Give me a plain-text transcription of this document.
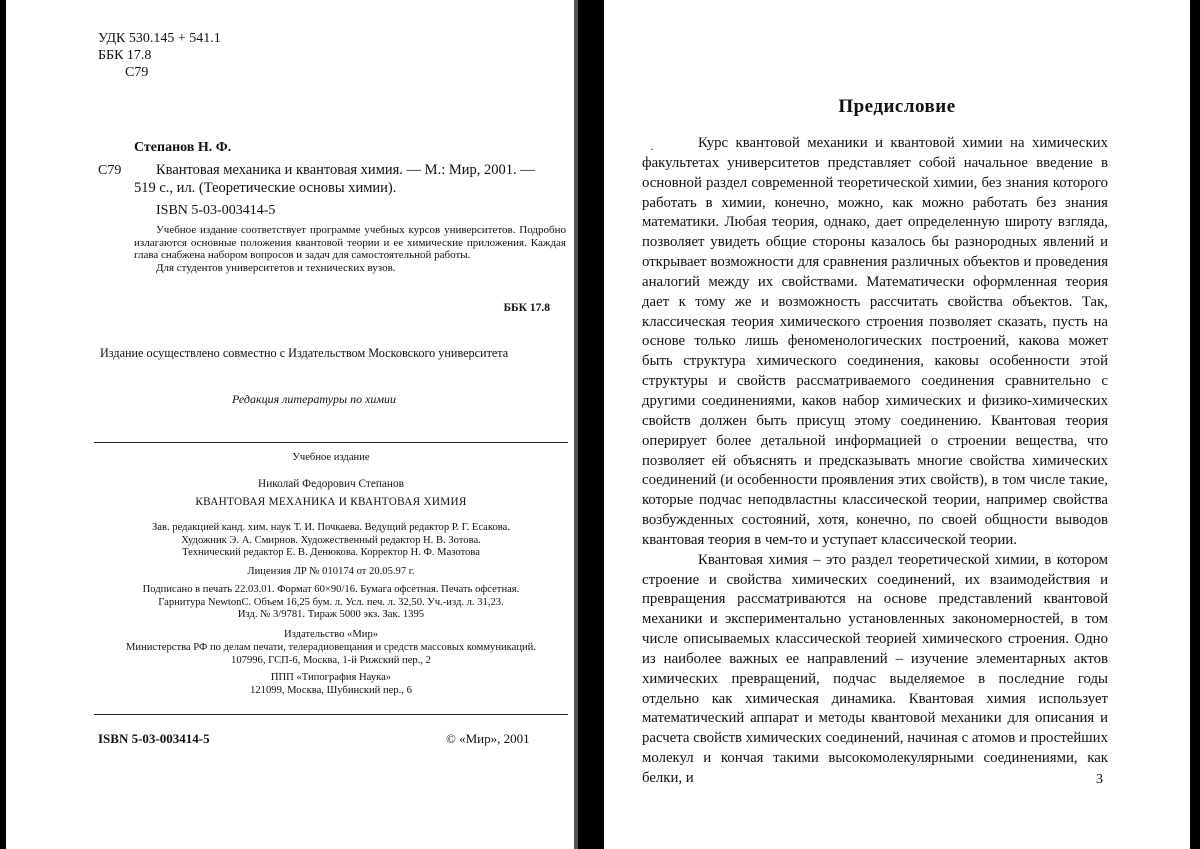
УДК 530.145 + 541.1
ББК 17.8
С79
Степанов Н. Ф.
С79 Квантовая механика и квантовая химия. — М.: Мир, 2001. —
519 с., ил. (Теоретические основы химии).
ISBN 5-03-003414-5

Учебное издание соответствует программе учебных курсов университетов. Подробно излагаются основные положения квантовой теории и ее химические приложения. Каждая глава снабжена набором вопросов и задач для самостоятельной работы.

Для студентов университетов и технических вузов.

ББК 17.8
Издание осуществлено совместно с Издательством Московского университета
Редакция литературы по химии
Учебное издание
Николай Федорович Степанов
КВАНТОВАЯ МЕХАНИКА И КВАНТОВАЯ ХИМИЯ
Зав. редакцией канд. хим. наук Т. И. Почкаева. Ведущий редактор Р. Г. Есакова.
Художник Э. А. Смирнов. Художественный редактор Н. В. Зотова.
Технический редактор Е. В. Денюкова. Корректор Н. Ф. Мазотова
Лицензия ЛР № 010174 от 20.05.97 г.
Подписано в печать 22.03.01. Формат 60×90/16. Бумага офсетная. Печать офсетная.
Гарнитура NewtonC. Объем 16,25 бум. л. Усл. печ. л. 32,50. Уч.-изд. л. 31,23.
Изд. № 3/9781. Тираж 5000 экз. Зак. 1395
Издательство «Мир»
Министерства РФ по делам печати, телерадиовещания и средств массовых коммуникаций.
107996, ГСП-6, Москва, 1-й Рижский пер., 2
ППП «Типография Наука»
121099, Москва, Шубинский пер., 6
ISBN 5-03-003414-5	© «Мир», 2001
Предисловие
·	Курс квантовой механики и квантовой химии на химических факультетах университетов представляет собой начальное введение в основной раздел современной теоретической химии, без знания которого работать в химии, конечно, можно, как можно работать без знания математики. Любая теория, однако, дает определенную широту взгляда, позволяет увидеть общие стороны казалось бы разнородных явлений и открывает возможности для сравнения различных объектов и проведения аналогий между их свойствами. Математически оформленная теория дает к тому же и возможность рассчитать свойства объектов. Так, классическая теория химического строения позволяет сказать, пусть на основе только лишь феноменологических построений, какова может быть структура химического соединения, каковы особенности этой структуры и свойств рассматриваемого соединения сравнительно с другими соединениями, каков набор химических и физико-химических свойств должен быть присущ этому соединению. Квантовая теория оперирует более детальной информацией о строении вещества, что позволяет ей объяснять и предсказывать многие свойства химических соединений (и особенности проявления этих свойств), в том числе такие, которые подчас неподвластны классической теории, например свойства возбужденных состояний, хотя, конечно, по своей общности выводов квантовая теория в чем-то и уступает классической теории.

Квантовая химия – это раздел теоретической химии, в котором строение и свойства химических соединений, их взаимодействия и превращения рассматриваются на основе представлений квантовой механики и экспериментально установленных закономерностей, в том числе описываемых классической теорией химического строения. Одно из наиболее важных ее направлений – изучение элементарных актов химических превращений, подчас выделяемое в последние годы отдельно как химическая динамика. Квантовая химия использует математический аппарат и методы квантовой механики для описания и расчета свойств химических соединений, начиная с атомов и простейших молекул и кончая такими высокомолекулярными соединениями, как белки, и	3
